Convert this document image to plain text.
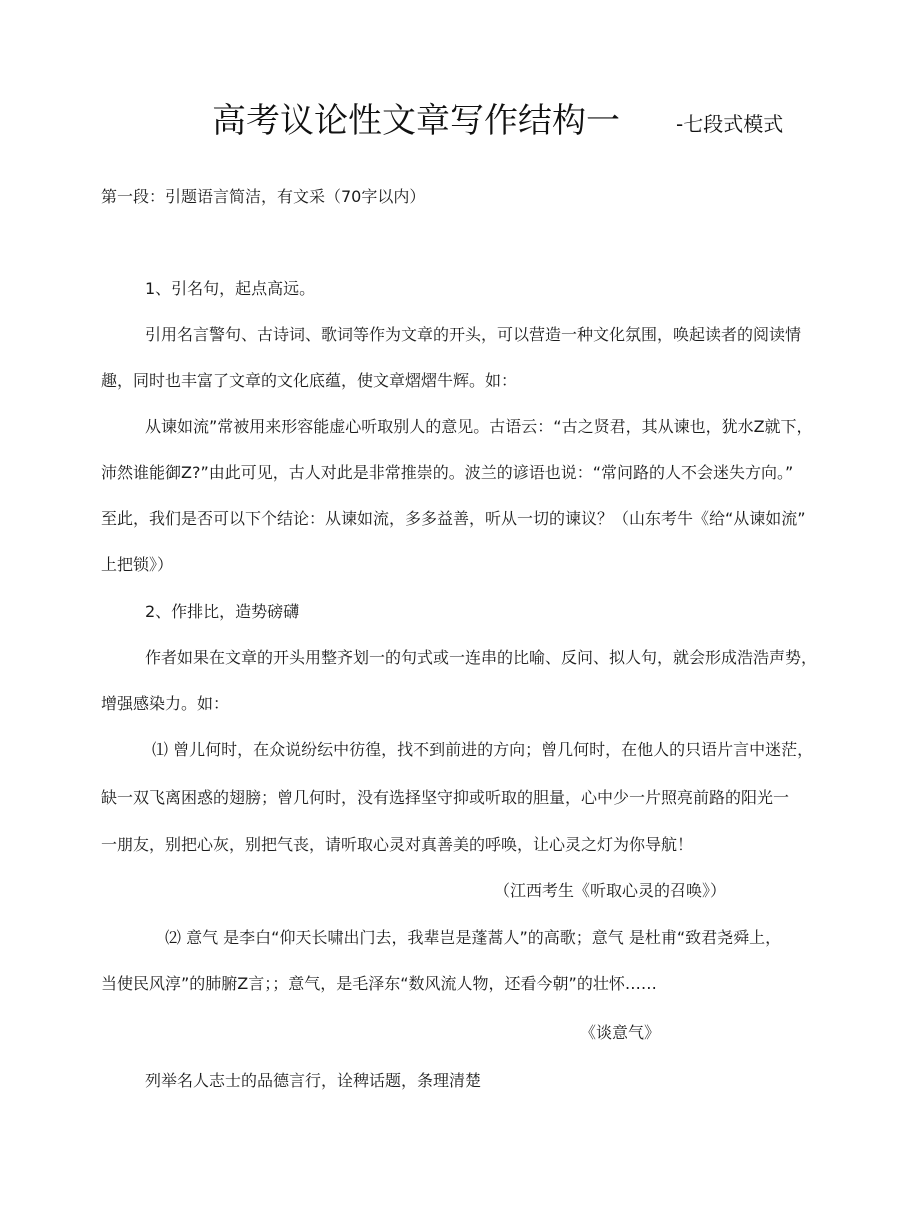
高考议论性文章写作结构一	-七段式模式
第一段：引题语言简洁，有文采（70字以内）
1、引名句，起点高远。
引用名言警句、古诗词、歌词等作为文章的开头，可以营造一种文化氛围，唤起读者的阅读情
趣，同时也丰富了文章的文化底蕴，使文章熠熠牛辉。如：
从谏如流”常被用来形容能虚心听取别人的意见。古语云：“古之贤君，其从谏也，犹水Z就下，
沛然谁能御Z?”由此可见，古人对此是非常推崇的。波兰的谚语也说：“常问路的人不会迷失方向。”
至此，我们是否可以下个结论：从谏如流，多多益善，听从一切的谏议？（山东考牛《给“从谏如流”
上把锁》）
2、作排比，造势磅礴
作者如果在文章的开头用整齐划一的句式或一连串的比喻、反问、拟人句，就会形成浩浩声势，
增强感染力。如：
⑴ 曾儿何时，在众说纷纭中彷徨，找不到前进的方向；曾几何时，在他人的只语片言中迷茫，
缺一双飞离困惑的翅膀；曾几何时，没有选择坚守抑或听取的胆量，心中少一片照亮前路的阳光一
一朋友，别把心灰，别把气丧，请听取心灵对真善美的呼唤，让心灵之灯为你导航！
（江西考生《听取心灵的召唤》）
⑵ 意气 是李白“仰天长啸出门去，我辈岂是蓬蒿人”的高歌；意气 是杜甫“致君尧舜上，
当使民风淳”的肺腑Z言；；意气，是毛泽东“数风流人物，还看今朝”的壮怀……
《谈意气》
列举名人志士的品德言行，诠稗话题，条理清楚
